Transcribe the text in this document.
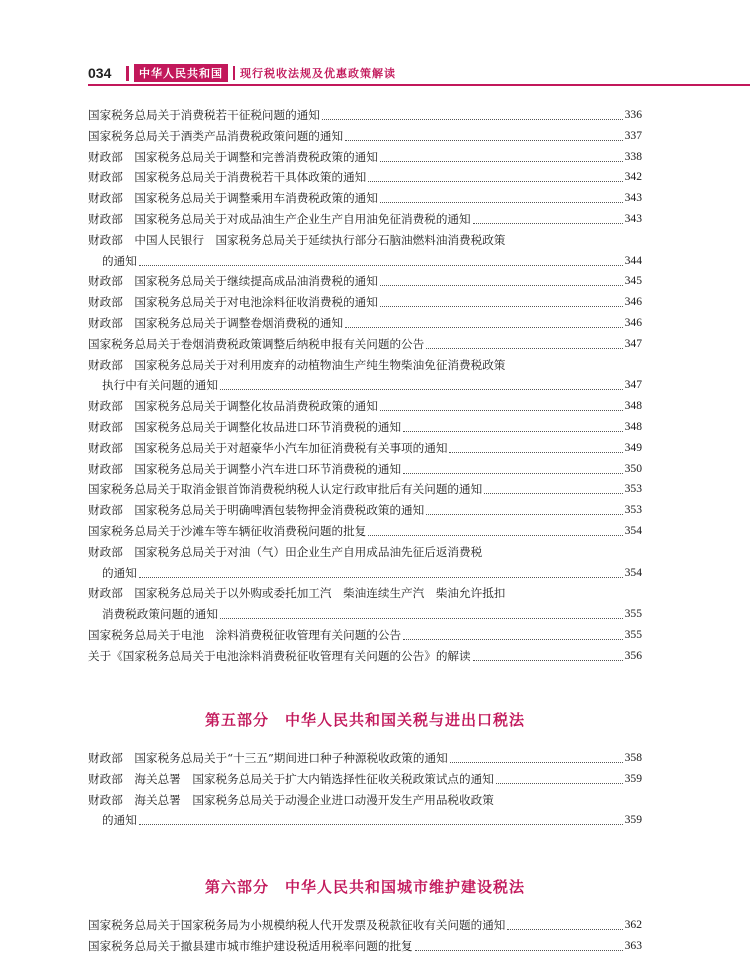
034	中华人民共和国	现行税收法规及优惠政策解读
国家税务总局关于消费税若干征税问题的通知	336
国家税务总局关于酒类产品消费税政策问题的通知	337
财政部　国家税务总局关于调整和完善消费税政策的通知	338
财政部　国家税务总局关于消费税若干具体政策的通知	342
财政部　国家税务总局关于调整乘用车消费税政策的通知	343
财政部　国家税务总局关于对成品油生产企业生产自用油免征消费税的通知	343
财政部　中国人民银行　国家税务总局关于延续执行部分石脑油燃料油消费税政策
的通知	344
财政部　国家税务总局关于继续提高成品油消费税的通知	345
财政部　国家税务总局关于对电池涂料征收消费税的通知	346
财政部　国家税务总局关于调整卷烟消费税的通知	346
国家税务总局关于卷烟消费税政策调整后纳税申报有关问题的公告	347
财政部　国家税务总局关于对利用废弃的动植物油生产纯生物柴油免征消费税政策
执行中有关问题的通知	347
财政部　国家税务总局关于调整化妆品消费税政策的通知	348
财政部　国家税务总局关于调整化妆品进口环节消费税的通知	348
财政部　国家税务总局关于对超豪华小汽车加征消费税有关事项的通知	349
财政部　国家税务总局关于调整小汽车进口环节消费税的通知	350
国家税务总局关于取消金银首饰消费税纳税人认定行政审批后有关问题的通知	353
财政部　国家税务总局关于明确啤酒包装物押金消费税政策的通知	353
国家税务总局关于沙滩车等车辆征收消费税问题的批复	354
财政部　国家税务总局关于对油（气）田企业生产自用成品油先征后返消费税
的通知	354
财政部　国家税务总局关于以外购或委托加工汽　柴油连续生产汽　柴油允许抵扣
消费税政策问题的通知	355
国家税务总局关于电池　涂料消费税征收管理有关问题的公告	355
关于《国家税务总局关于电池涂料消费税征收管理有关问题的公告》的解读	356
第五部分　中华人民共和国关税与进出口税法
财政部　国家税务总局关于“十三五”期间进口种子种源税收政策的通知	358
财政部　海关总署　国家税务总局关于扩大内销选择性征收关税政策试点的通知	359
财政部　海关总署　国家税务总局关于动漫企业进口动漫开发生产用品税收政策
的通知	359
第六部分　中华人民共和国城市维护建设税法
国家税务总局关于国家税务局为小规模纳税人代开发票及税款征收有关问题的通知	362
国家税务总局关于撤县建市城市维护建设税适用税率问题的批复	363
